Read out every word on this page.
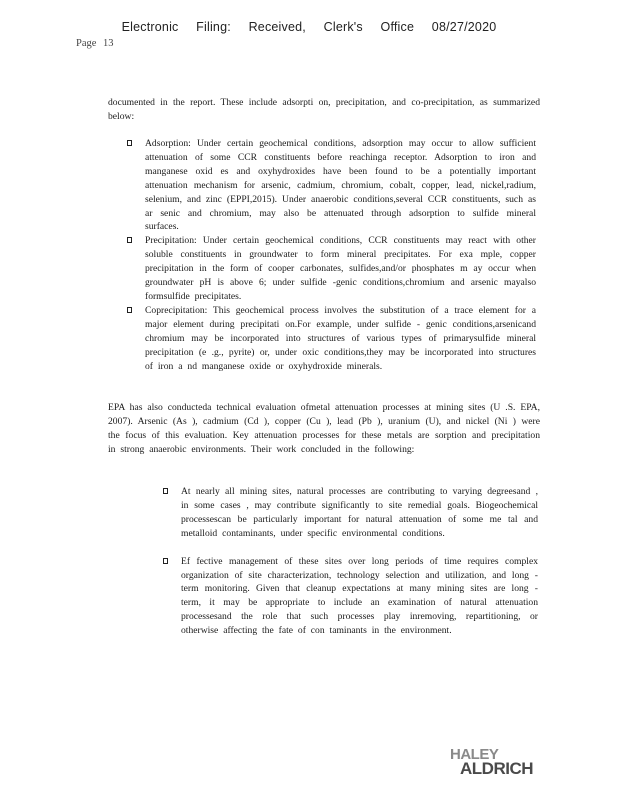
Electronic Filing: Received, Clerk's Office 08/27/2020
Page 13

documented in the report. These include adsorpti on, precipitation, and co-precipitation, as summarized below:

Adsorption: Under certain geochemical conditions, adsorption may occur to allow sufficient attenuation of some CCR constituents before reachinga receptor. Adsorption to iron and manganese oxid es and oxyhydroxides have been found to be a potentially important attenuation mechanism for arsenic, cadmium, chromium, cobalt, copper, lead, nickel,radium, selenium, and zinc (EPPI,2015). Under anaerobic conditions,several CCR constituents, such as ar senic and chromium, may also be attenuated through adsorption to sulfide mineral surfaces.
Precipitation: Under certain geochemical conditions, CCR constituents may react with other soluble constituents in groundwater to form mineral precipitates. For exa mple, copper precipitation in the form of cooper carbonates, sulfides,and/or phosphates m ay occur when groundwater pH is above 6; under sulfide -genic conditions,chromium and arsenic mayalso formsulfide precipitates.
Coprecipitation: This geochemical process involves the substitution of a trace element for a major element during precipitati on.For example, under sulfide - genic conditions,arsenicand chromium may be incorporated into structures of various types of primarysulfide mineral precipitation (e .g., pyrite) or, under oxic conditions,they may be incorporated into structures of iron a nd manganese oxide or oxyhydroxide minerals.

EPA has also conducteda technical evaluation ofmetal attenuation processes at mining sites (U .S. EPA, 2007). Arsenic (As ), cadmium (Cd ), copper (Cu ), lead (Pb ), uranium (U), and nickel (Ni ) were the focus of this evaluation. Key attenuation processes for these metals are sorption and precipitation in strong anaerobic environments. Their work concluded in the following:

At nearly all mining sites, natural processes are contributing to varying degreesand , in some cases , may contribute significantly to site remedial goals. Biogeochemical processescan be particularly important for natural attenuation of some me tal and metalloid contaminants, under specific environmental conditions.
Ef fective management of these sites over long periods of time requires complex organization of site characterization, technology selection and utilization, and long -term monitoring. Given that cleanup expectations at many mining sites are long -term, it may be appropriate to include an examination of natural attenuation processesand the role that such processes play inremoving, repartitioning, or otherwise affecting the fate of con taminants in the environment.
HALEY
ALDRICH
